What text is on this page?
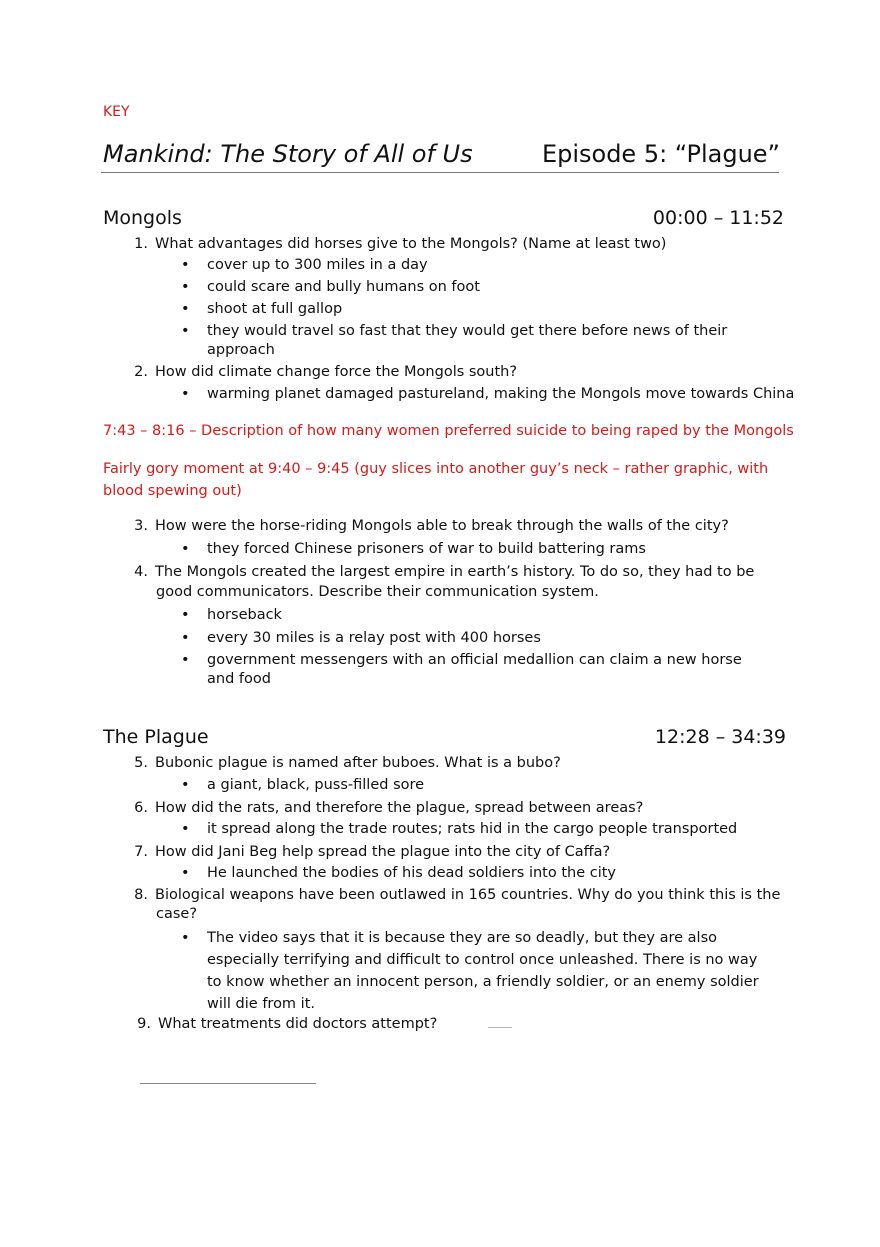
KEY
Mankind: The Story of All of Us	Episode 5: “Plague”
Mongols	00:00 – 11:52
1. What advantages did horses give to the Mongols? (Name at least two)
• cover up to 300 miles in a day
• could scare and bully humans on foot
• shoot at full gallop
• they would travel so fast that they would get there before news of their approach
2. How did climate change force the Mongols south?
• warming planet damaged pastureland, making the Mongols move towards China
7:43 – 8:16 – Description of how many women preferred suicide to being raped by the Mongols
Fairly gory moment at 9:40 – 9:45 (guy slices into another guy’s neck – rather graphic, with blood spewing out)
3. How were the horse-riding Mongols able to break through the walls of the city?
• they forced Chinese prisoners of war to build battering rams
4. The Mongols created the largest empire in earth’s history. To do so, they had to be good communicators. Describe their communication system.
• horseback
• every 30 miles is a relay post with 400 horses
• government messengers with an official medallion can claim a new horse and food
The Plague	12:28 – 34:39
5. Bubonic plague is named after buboes. What is a bubo?
• a giant, black, puss-filled sore
6. How did the rats, and therefore the plague, spread between areas?
• it spread along the trade routes; rats hid in the cargo people transported
7. How did Jani Beg help spread the plague into the city of Caffa?
• He launched the bodies of his dead soldiers into the city
8. Biological weapons have been outlawed in 165 countries. Why do you think this is the case?
• The video says that it is because they are so deadly, but they are also especially terrifying and difficult to control once unleashed. There is no way to know whether an innocent person, a friendly soldier, or an enemy soldier will die from it.
9. What treatments did doctors attempt?
